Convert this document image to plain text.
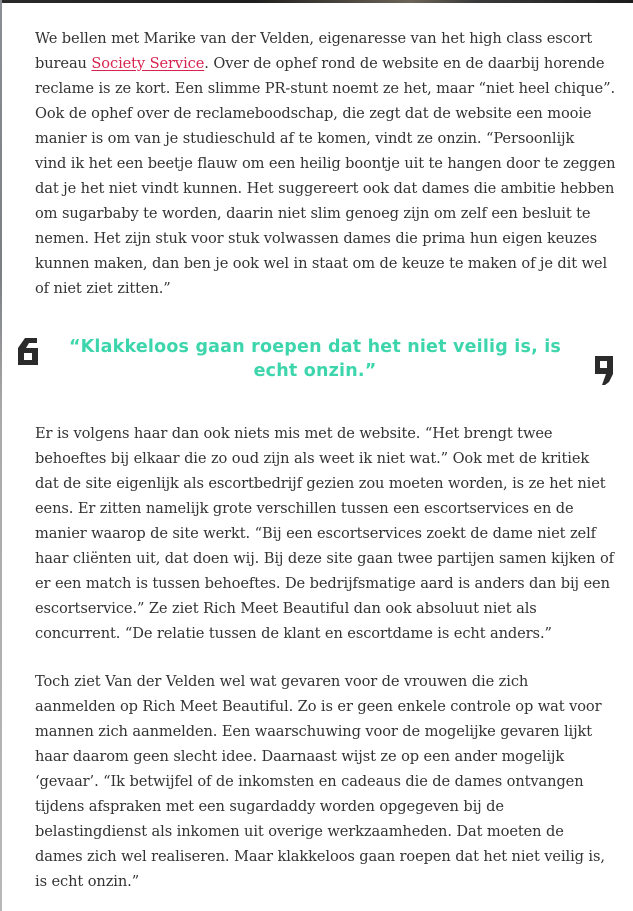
We bellen met Marike van der Velden, eigenaresse van het high class escort
bureau Society Service. Over de ophef rond de website en de daarbij horende
reclame is ze kort. Een slimme PR-stunt noemt ze het, maar “niet heel chique”.
Ook de ophef over de reclameboodschap, die zegt dat de website een mooie
manier is om van je studieschuld af te komen, vindt ze onzin. “Persoonlijk
vind ik het een beetje flauw om een heilig boontje uit te hangen door te zeggen
dat je het niet vindt kunnen. Het suggereert ook dat dames die ambitie hebben
om sugarbaby te worden, daarin niet slim genoeg zijn om zelf een besluit te
nemen. Het zijn stuk voor stuk volwassen dames die prima hun eigen keuzes
kunnen maken, dan ben je ook wel in staat om de keuze te maken of je dit wel
of niet ziet zitten.”

Er is volgens haar dan ook niets mis met de website. “Het brengt twee
behoeftes bij elkaar die zo oud zijn als weet ik niet wat.” Ook met de kritiek
dat de site eigenlijk als escortbedrijf gezien zou moeten worden, is ze het niet
eens. Er zitten namelijk grote verschillen tussen een escortservices en de
manier waarop de site werkt. “Bij een escortservices zoekt de dame niet zelf
haar cliënten uit, dat doen wij. Bij deze site gaan twee partijen samen kijken of
er een match is tussen behoeftes. De bedrijfsmatige aard is anders dan bij een
escortservice.” Ze ziet Rich Meet Beautiful dan ook absoluut niet als
concurrent. “De relatie tussen de klant en escortdame is echt anders.”

Toch ziet Van der Velden wel wat gevaren voor de vrouwen die zich
aanmelden op Rich Meet Beautiful. Zo is er geen enkele controle op wat voor
mannen zich aanmelden. Een waarschuwing voor de mogelijke gevaren lijkt
haar daarom geen slecht idee. Daarnaast wijst ze op een ander mogelijk
‘gevaar’. “Ik betwijfel of de inkomsten en cadeaus die de dames ontvangen
tijdens afspraken met een sugardaddy worden opgegeven bij de
belastingdienst als inkomen uit overige werkzaamheden. Dat moeten de
dames zich wel realiseren. Maar klakkeloos gaan roepen dat het niet veilig is,
is echt onzin.”

“Klakkeloos gaan roepen dat het niet veilig is, is
echt onzin.”
